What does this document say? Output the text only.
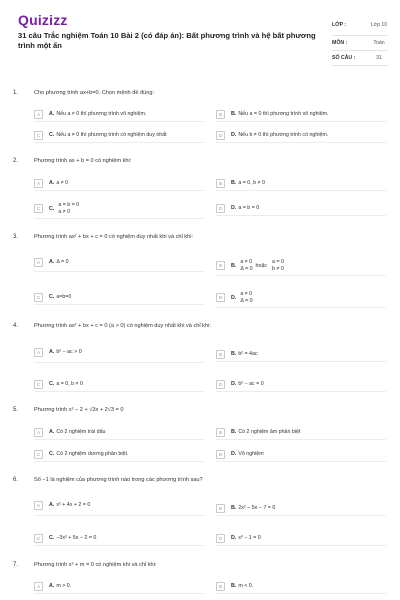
Quizizz
31 câu Trắc nghiệm Toán 10 Bài 2 (có đáp án): Bất phương trình và hệ bất phương trình một ẩn
LỚP :	Lớp 10
MÔN :	Toán
SỐ CÂU :	31
1.	Cho phương trình ax+b=0. Chọn mệnh đề đúng:
A	A. Nếu a ≠ 0 thì phương trình vô nghiệm.	B	B. Nếu a = 0 thì phương trình vô nghiệm.
C	C. Nếu a ≠ 0 thì phương trình có nghiệm duy nhất	D	D. Nếu b ≠ 0 thì phương trình có nghiệm.
2.	Phương trình ax + b = 0 có nghiệm khi:
A	A. a ≠ 0	B	B. a = 0, b ≠ 0
C	C.
a = b = 0
a ≠ 0	D	D. a = b = 0
3.	Phương trình ax² + bx + c = 0 có nghiệm duy nhất khi và chỉ khi:
A	A. Δ = 0
B	B.
a ≠ 0
Δ = 0 hoặc
a = 0
b ≠ 0
C	C. a=b=0	D	D.
a ≠ 0
Δ = 0
4.	Phương trình ax² + bx + c = 0 (a > 0) có nghiệm duy nhất khi và chỉ khi:
A	A. b² − ac > 0	B	B. b² = 4ac
C	C. a = 0, b ≠ 0	D	D. b² − ac = 0
5.	Phương trình x² − 2 + √3x + 2√3 = 0
A	A. Có 2 nghiệm trái dấu	B	B. Có 2 nghiệm âm phân biệt
C	C. Có 2 nghiệm dương phân biệt.	D	D. Vô nghiệm
6.	Số −1 là nghiệm của phương trình nào trong các phương trình sau?
A	A. x² + 4x + 2 = 0
B	B. 2x² − 5x − 7 = 0
C	C. −3x² + 5x − 2 = 0	D	D. x³ − 1 = 0
7.	Phương trình x² + m = 0 có nghiệm khi và chỉ khi:
A	A. m > 0.	B	B. m < 0.
